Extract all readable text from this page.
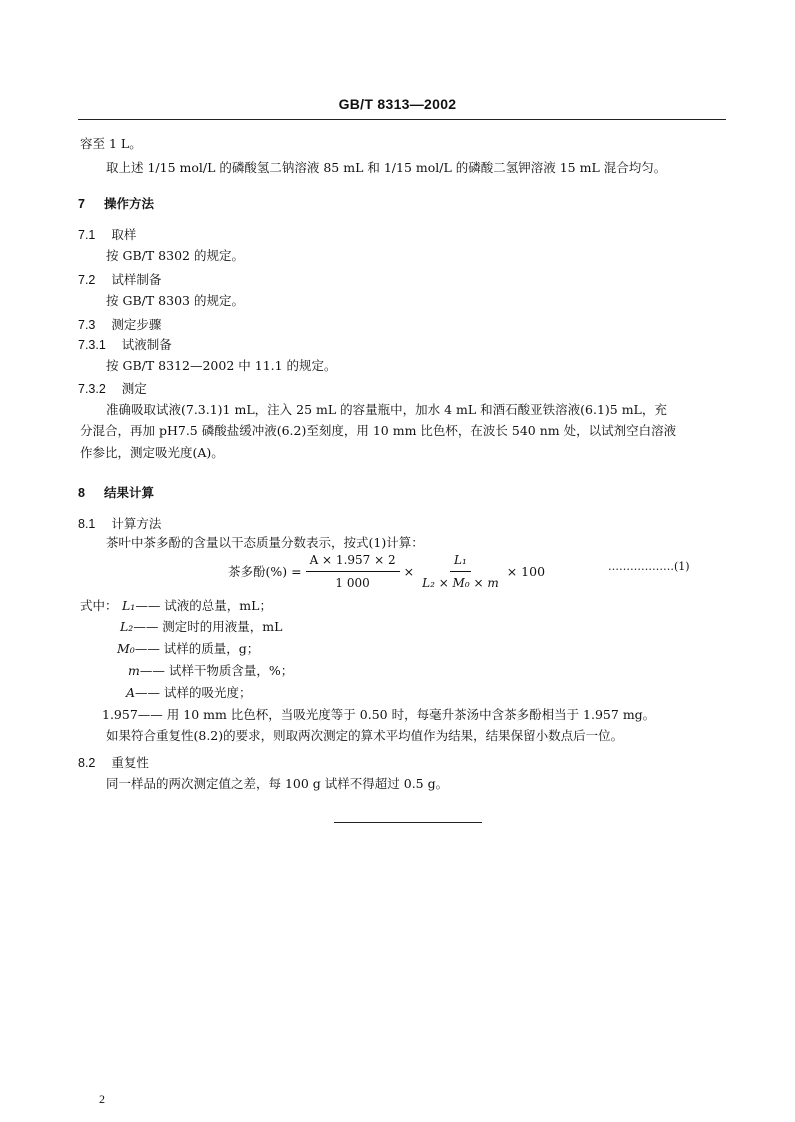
GB/T 8313—2002
容至 1 L。
取上述 1/15 mol/L 的磷酸氢二钠溶液 85 mL 和 1/15 mol/L 的磷酸二氢钾溶液 15 mL 混合均匀。
7 操作方法
7.1 取样
按 GB/T 8302 的规定。
7.2 试样制备
按 GB/T 8303 的规定。
7.3 测定步骤
7.3.1 试液制备
按 GB/T 8312—2002 中 11.1 的规定。
7.3.2 测定
准确吸取试液(7.3.1)1 mL，注入 25 mL 的容量瓶中，加水 4 mL 和酒石酸亚铁溶液(6.1)5 mL，充
分混合，再加 pH7.5 磷酸盐缓冲液(6.2)至刻度，用 10 mm 比色杯，在波长 540 nm 处，以试剂空白溶液
作参比，测定吸光度(A)。
8 结果计算
8.1 计算方法
茶叶中茶多酚的含量以干态质量分数表示，按式(1)计算：
茶多酚(%) = $\frac{A \times 1.957 \times 2}{1 000} \times \frac{\text{L₁}}{\text{L₂ × M₀ × m}} \times 100$	………………(1)
式中： L₁—— 试液的总量，mL；
L₂—— 测定时的用液量，mL
M₀—— 试样的质量，g；
m—— 试样干物质含量，%；
A—— 试样的吸光度；
1.957—— 用 10 mm 比色杯，当吸光度等于 0.50 时，每毫升茶汤中含茶多酚相当于 1.957 mg。
如果符合重复性(8.2)的要求，则取两次测定的算术平均值作为结果，结果保留小数点后一位。
8.2 重复性
同一样品的两次测定值之差，每 100 g 试样不得超过 0.5 g。
2
